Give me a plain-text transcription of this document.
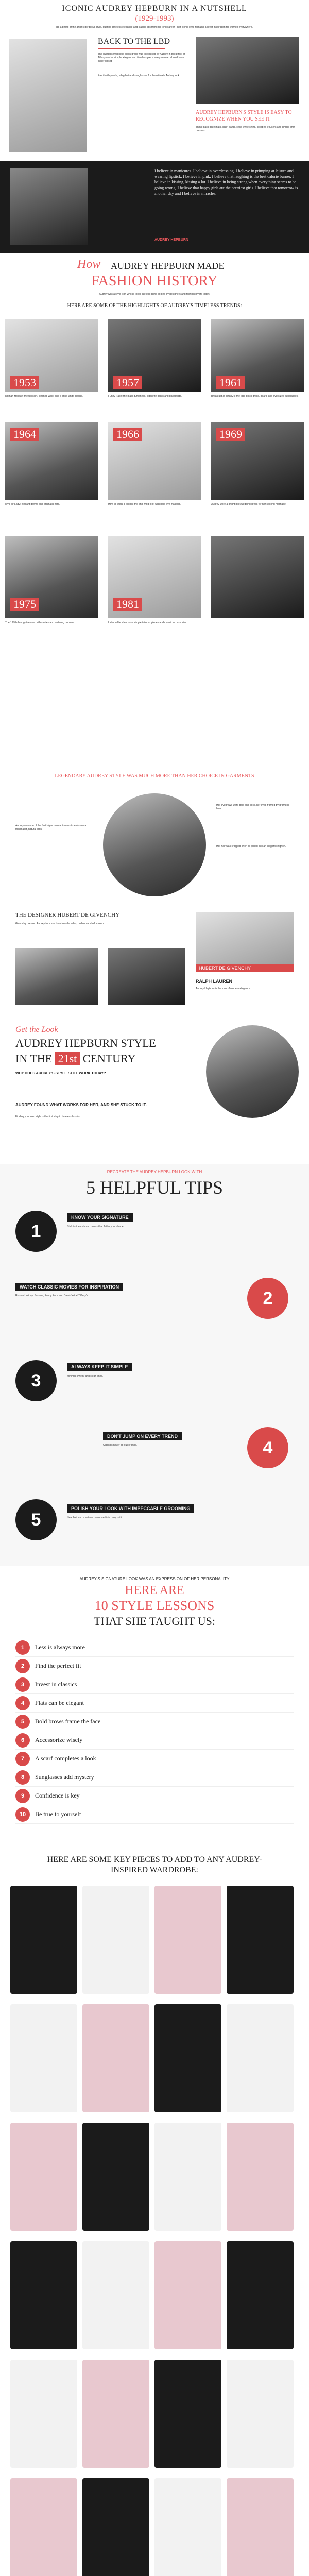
ICONIC AUDREY HEPBURN IN A NUTSHELL
(1929-1993)
It's a photo of the artist's gorgeous style, quoting timeless elegance and classic tips from her long career—her iconic style remains a great inspiration for women everywhere.
BACK TO THE LBD
The quintessential little black dress was introduced by Audrey in Breakfast at Tiffany's—the simple, elegant and timeless piece every woman should have in her closet.
Pair it with pearls, a big hat and sunglasses for the ultimate Audrey look.
AUDREY HEPBURN'S STYLE IS EASY TO RECOGNIZE WHEN YOU SEE IT
Think black ballet flats, capri pants, crisp white shirts, cropped trousers and simple shift dresses.
I believe in manicures. I believe in overdressing. I believe in primping at leisure and wearing lipstick. I believe in pink. I believe that laughing is the best calorie burner. I believe in kissing, kissing a lot. I believe in being strong when everything seems to be going wrong. I believe that happy girls are the prettiest girls. I believe that tomorrow is another day and I believe in miracles.
AUDREY HEPBURN
How AUDREY HEPBURN MADE
FASHION HISTORY
Audrey was a style icon whose looks are still being copied by designers and fashion lovers today.
HERE ARE SOME OF THE HIGHLIGHTS OF AUDREY'S TIMELESS TRENDS:
1953
Roman Holiday: the full skirt, cinched waist and a crisp white blouse.
1957
Funny Face: the black turtleneck, cigarette pants and ballet flats.
1961
Breakfast at Tiffany's: the little black dress, pearls and oversized sunglasses.
1964
My Fair Lady: elegant gowns and dramatic hats.
1966
How to Steal a Million: the chic mod look with bold eye makeup.
1969
Audrey wore a bright pink wedding dress for her second marriage.
1975
The 1970s brought relaxed silhouettes and wide-leg trousers.
1981
Later in life she chose simple tailored pieces and classic accessories.
LEGENDARY AUDREY STYLE WAS MUCH MORE THAN HER CHOICE IN GARMENTS
Audrey was one of the first big-screen actresses to embrace a minimalist, natural look.
Her eyebrows were bold and thick, her eyes framed by dramatic liner.
Her hair was cropped short or pulled into an elegant chignon.
THE DESIGNER HUBERT DE GIVENCHY
Givenchy dressed Audrey for more than four decades, both on and off screen.
HUBERT DE GIVENCHY
RALPH LAUREN
Audrey Hepburn is the icon of modern elegance.
Get the Look
AUDREY HEPBURN STYLE
IN THE 21st CENTURY
WHY DOES AUDREY'S STYLE STILL WORK TODAY?
AUDREY FOUND WHAT WORKS FOR HER, AND SHE STUCK TO IT.
Finding your own style is the first step to timeless fashion.
RECREATE THE AUDREY HEPBURN LOOK WITH
5 HELPFUL TIPS
1
KNOW YOUR SIGNATURE
Stick to the cuts and colors that flatter your shape.
WATCH CLASSIC MOVIES FOR INSPIRATION
Roman Holiday, Sabrina, Funny Face and Breakfast at Tiffany's.	2
3
ALWAYS KEEP IT SIMPLE
Minimal jewelry and clean lines.
DON'T JUMP ON EVERY TREND
Classics never go out of style.	4
5
POLISH YOUR LOOK WITH IMPECCABLE GROOMING
Neat hair and a natural manicure finish any outfit.
AUDREY'S SIGNATURE LOOK WAS AN EXPRESSION OF HER PERSONALITY
HERE ARE
10 STYLE LESSONS
THAT SHE TAUGHT US:
1	Less is always more
2	Find the perfect fit
3	Invest in classics
4	Flats can be elegant
5	Bold brows frame the face
6	Accessorize wisely
7	A scarf completes a look
8	Sunglasses add mystery
9	Confidence is key
10	Be true to yourself
HERE ARE SOME KEY PIECES TO ADD TO ANY AUDREY-INSPIRED WARDROBE:
